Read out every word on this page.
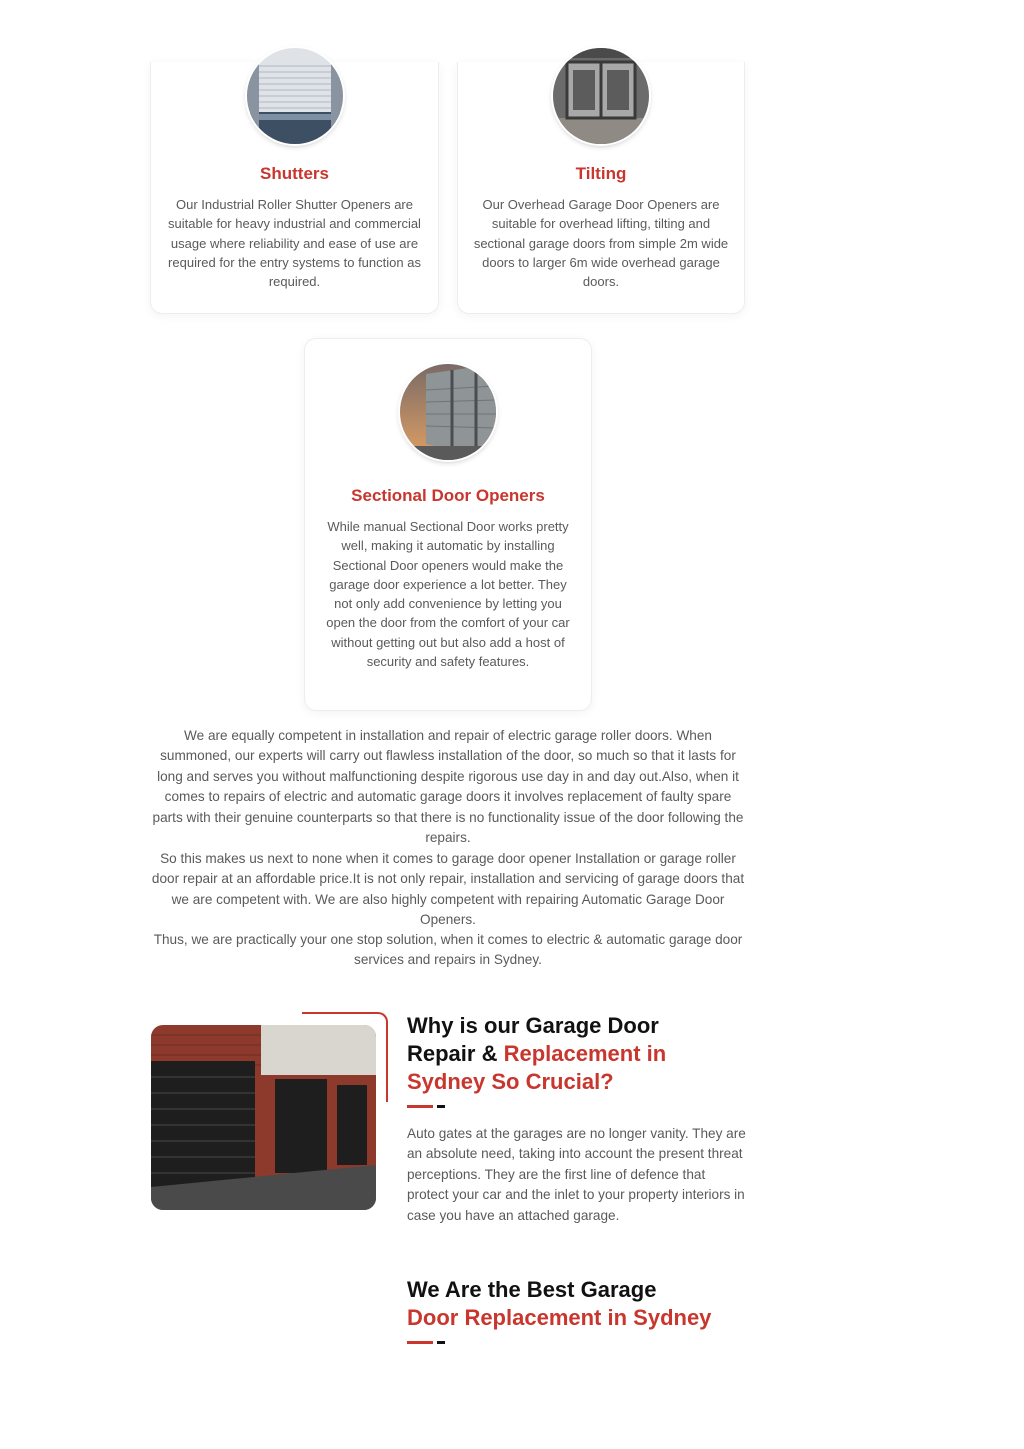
Shutters

Our Industrial Roller Shutter Openers are suitable for heavy industrial and commercial usage where reliability and ease of use are required for the entry systems to function as required.

Tilting

Our Overhead Garage Door Openers are suitable for overhead lifting, tilting and sectional garage doors from simple 2m wide doors to larger 6m wide overhead garage doors.

Sectional Door Openers

While manual Sectional Door works pretty well, making it automatic by installing Sectional Door openers would make the garage door experience a lot better. They not only add convenience by letting you open the door from the comfort of your car without getting out but also add a host of security and safety features.

We are equally competent in installation and repair of electric garage roller doors. When summoned, our experts will carry out flawless installation of the door, so much so that it lasts for long and serves you without malfunctioning despite rigorous use day in and day out.Also, when it comes to repairs of electric and automatic garage doors it involves replacement of faulty spare parts with their genuine counterparts so that there is no functionality issue of the door following the repairs.

So this makes us next to none when it comes to garage door opener Installation or garage roller door repair at an affordable price.It is not only repair, installation and servicing of garage doors that we are competent with. We are also highly competent with repairing Automatic Garage Door Openers.

Thus, we are practically your one stop solution, when it comes to electric & automatic garage door services and repairs in Sydney.

Why is our Garage Door
Repair & Replacement in
Sydney So Crucial?

Auto gates at the garages are no longer vanity. They are an absolute need, taking into account the present threat perceptions. They are the first line of defence that protect your car and the inlet to your property interiors in case you have an attached garage.

We Are the Best Garage
Door Replacement in Sydney
